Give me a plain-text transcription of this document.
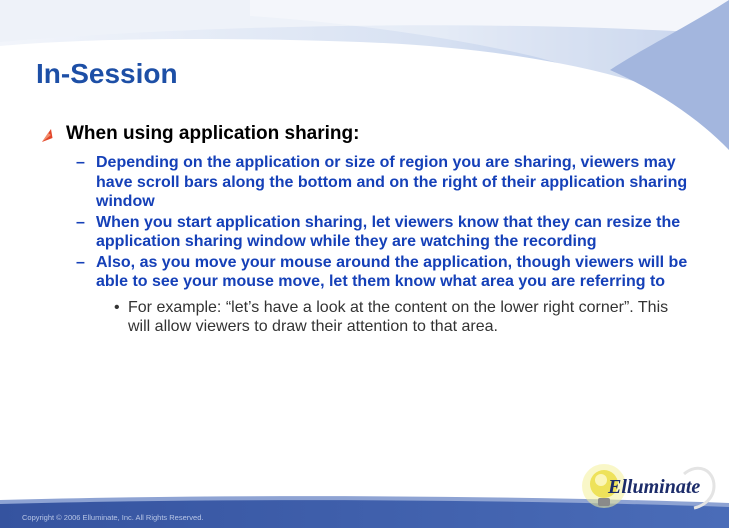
In-Session
When using application sharing:
– Depending on the application or size of region you are sharing, viewers may have scroll bars along the bottom and on the right of their application sharing window
– When you start application sharing, let viewers know that they can resize the application sharing window while they are watching the recording
– Also, as you move your mouse around the application, though viewers will be able to see your mouse move, let them know what area you are referring to
• For example: “let’s have a look at the content on the lower right corner”. This will allow viewers to draw their attention to that area.
Copyright © 2006 Elluminate, Inc. All Rights Reserved.
Elluminate
